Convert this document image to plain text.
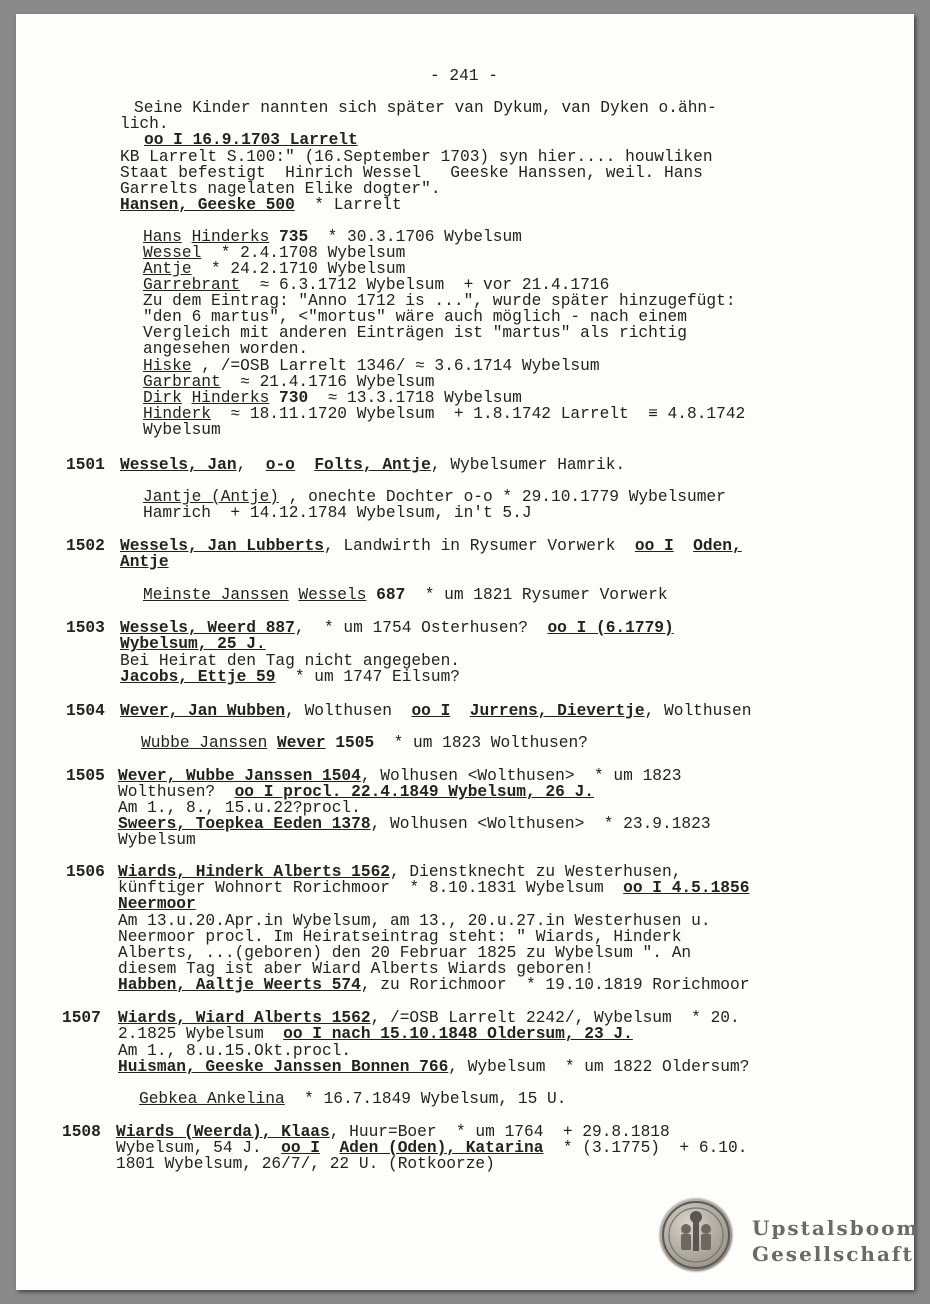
- 241 -
Seine Kinder nannten sich später van Dykum, van Dyken o.ähn-
lich.
oo I 16.9.1703 Larrelt
KB Larrelt S.100:" (16.September 1703) syn hier.... houwliken
Staat befestigt  Hinrich Wessel   Geeske Hanssen, weil. Hans
Garrelts nagelaten Elike dogter".
Hansen, Geeske 500  * Larrelt
Hans Hinderks 735  * 30.3.1706 Wybelsum
Wessel  * 2.4.1708 Wybelsum
Antje  * 24.2.1710 Wybelsum
Garrebrant  ≈ 6.3.1712 Wybelsum  + vor 21.4.1716
Zu dem Eintrag: "Anno 1712 is ...", wurde später hinzugefügt:
"den 6 martus", <"mortus" wäre auch möglich - nach einem
Vergleich mit anderen Einträgen ist "martus" als richtig
angesehen worden.
Hiske , /=OSB Larrelt 1346/ ≈ 3.6.1714 Wybelsum
Garbrant  ≈ 21.4.1716 Wybelsum
Dirk Hinderks 730  ≈ 13.3.1718 Wybelsum
Hinderk  ≈ 18.11.1720 Wybelsum  + 1.8.1742 Larrelt  ≡ 4.8.1742
Wybelsum
1501 Wessels, Jan,  o-o Folts, Antje, Wybelsumer Hamrik.
Jantje (Antje) , onechte Dochter o-o * 29.10.1779 Wybelsumer
Hamrich  + 14.12.1784 Wybelsum, in't 5.J
1502 Wessels, Jan Lubberts, Landwirth in Rysumer Vorwerk  oo I Oden,
Antje
Meinste Janssen Wessels 687  * um 1821 Rysumer Vorwerk
1503 Wessels, Weerd 887,  * um 1754 Osterhusen?  oo I (6.1779)
Wybelsum, 25 J.
Bei Heirat den Tag nicht angegeben.
Jacobs, Ettje 59  * um 1747 Eilsum?
1504 Wever, Jan Wubben, Wolthusen  oo I Jurrens, Dievertje, Wolthusen
Wubbe Janssen Wever 1505  * um 1823 Wolthusen?
1505 Wever, Wubbe Janssen 1504, Wolhusen <Wolthusen>  * um 1823
Wolthusen?  oo I procl. 22.4.1849 Wybelsum, 26 J.
Am 1., 8., 15.u.22?procl.
Sweers, Toepkea Eeden 1378, Wolhusen <Wolthusen>  * 23.9.1823
Wybelsum
1506 Wiards, Hinderk Alberts 1562, Dienstknecht zu Westerhusen,
künftiger Wohnort Rorichmoor  * 8.10.1831 Wybelsum  oo I 4.5.1856
Neermoor
Am 13.u.20.Apr.in Wybelsum, am 13., 20.u.27.in Westerhusen u.
Neermoor procl. Im Heiratseintrag steht: " Wiards, Hinderk
Alberts, ...(geboren) den 20 Februar 1825 zu Wybelsum ". An
diesem Tag ist aber Wiard Alberts Wiards geboren!
Habben, Aaltje Weerts 574, zu Rorichmoor  * 19.10.1819 Rorichmoor
1507 Wiards, Wiard Alberts 1562, /=OSB Larrelt 2242/, Wybelsum  * 20.
2.1825 Wybelsum  oo I nach 15.10.1848 Oldersum, 23 J.
Am 1., 8.u.15.Okt.procl.
Huisman, Geeske Janssen Bonnen 766, Wybelsum  * um 1822 Oldersum?
Gebkea Ankelina  * 16.7.1849 Wybelsum, 15 U.
1508 Wiards (Weerda), Klaas, Huur=Boer  * um 1764  + 29.8.1818
Wybelsum, 54 J.  oo I Aden (Oden), Katarina  * (3.1775)  + 6.10.
1801 Wybelsum, 26/7/, 22 U. (Rotkoorze)
Upstalsboom
Gesellschaft
